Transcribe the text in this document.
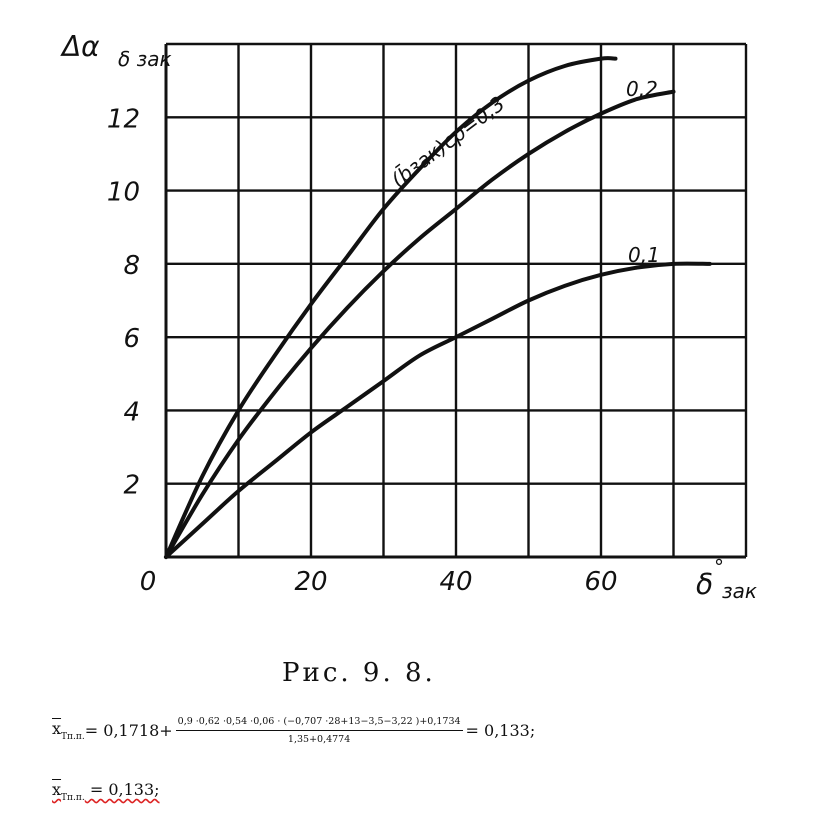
2
4
6
8
10
12
0	20	40	60
(b̄зак)ср=0,3
0,2
0,1
Δα δ зак
δ
°
зак
Рис. 9. 8.
$\overline{x}_{Tп.п.} = 0,1718+ \frac{0,9 \cdot 0,62 \cdot 0,54 \cdot 0,06 \cdot (-0,707 \cdot 28+13-3,5-3,22 )+0,1734}{1,35+0,4774} = 0,133$;
$x_{Tп.п.} = 0,133$;
